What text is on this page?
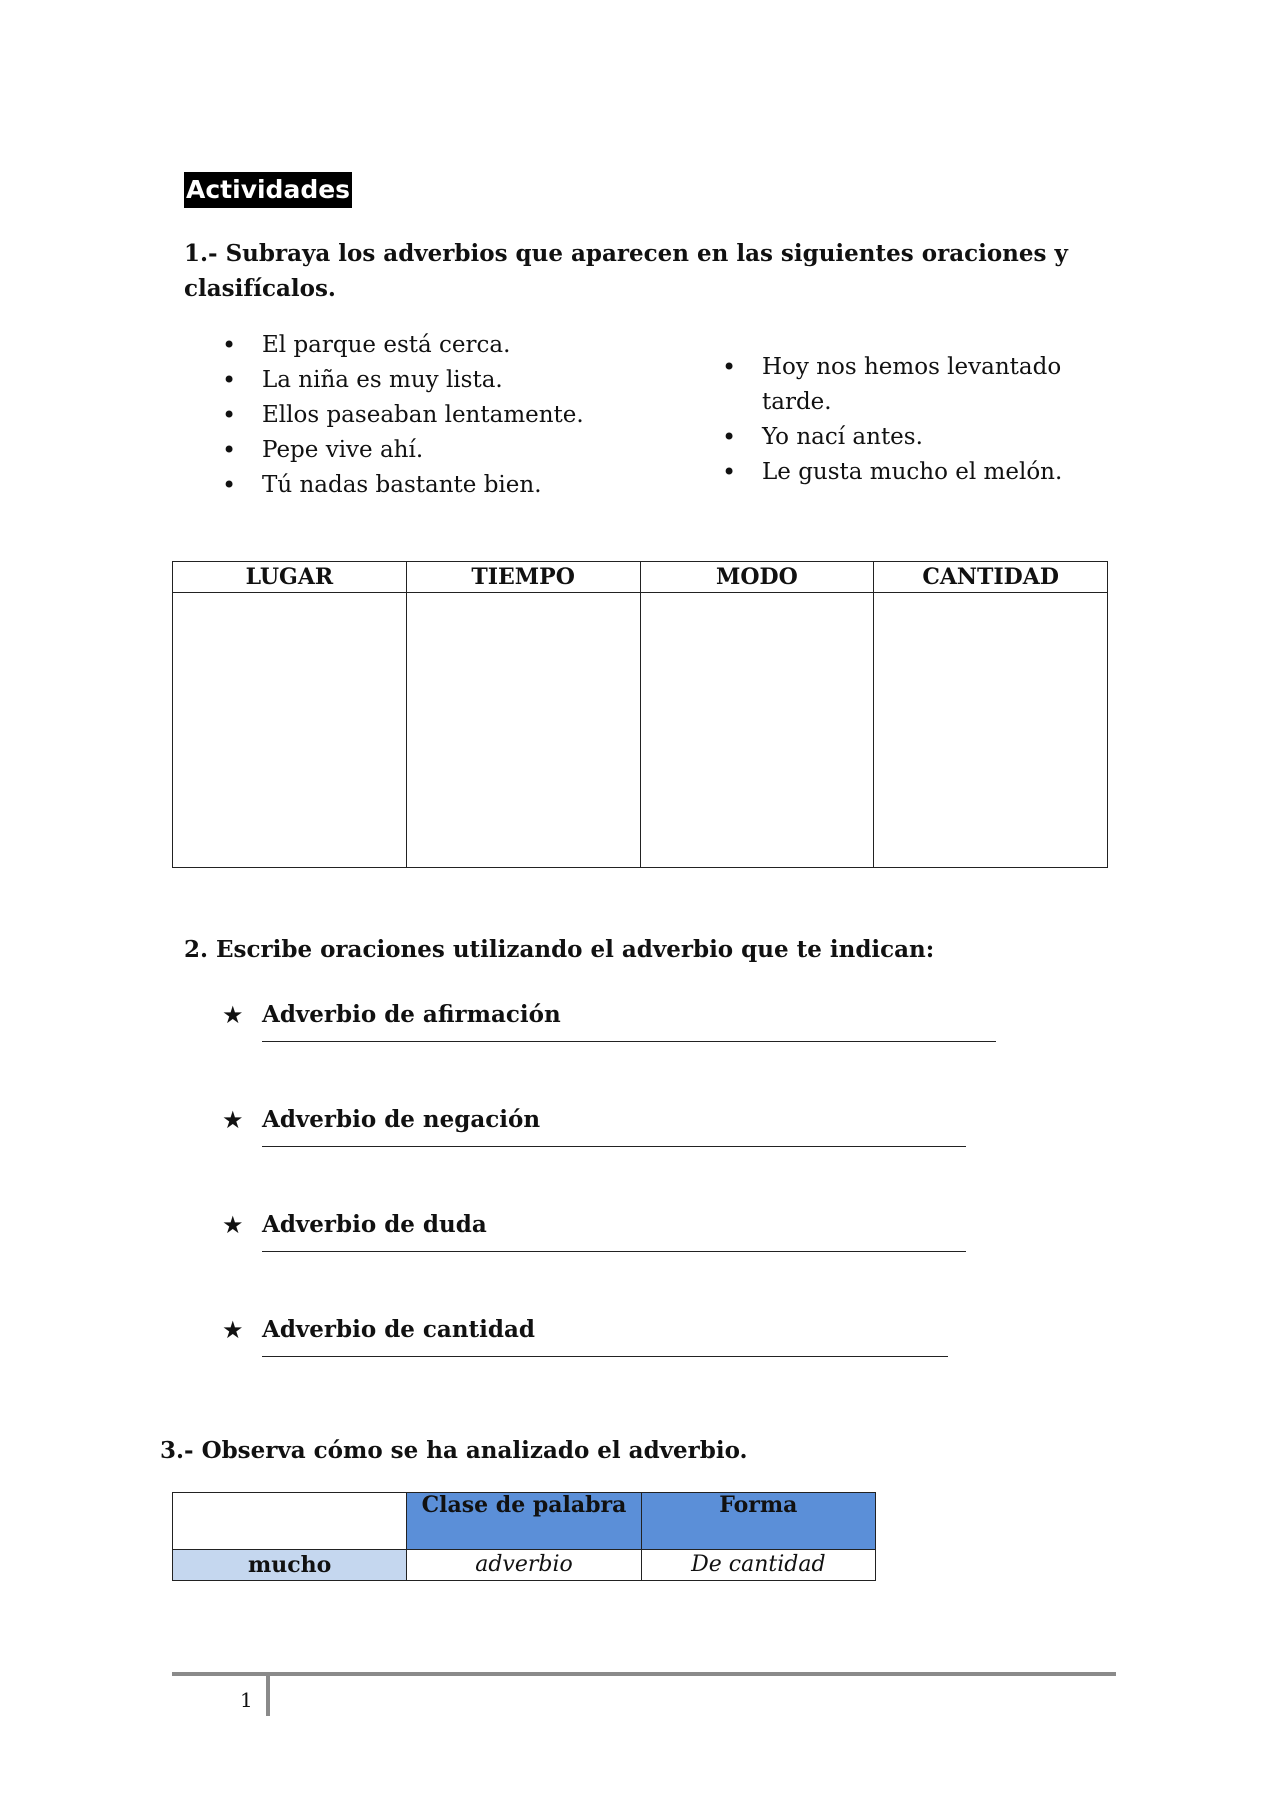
Actividades
1.- Subraya los adverbios que aparecen en las siguientes oraciones y
clasifícalos.
• El parque está cerca.
• La niña es muy lista.
• Ellos paseaban lentamente.
• Pepe vive ahí.
• Tú nadas bastante bien.
• Hoy nos hemos levantado tarde.
• Yo nací antes.
• Le gusta mucho el melón.
LUGAR	TIEMPO	MODO	CANTIDAD

2. Escribe oraciones utilizando el adverbio que te indican:
★ Adverbio de afirmación
★ Adverbio de negación
★ Adverbio de duda
★ Adverbio de cantidad
3.- Observa cómo se ha analizado el adverbio.
	Clase de palabra	Forma
mucho	adverbio	De cantidad
1
